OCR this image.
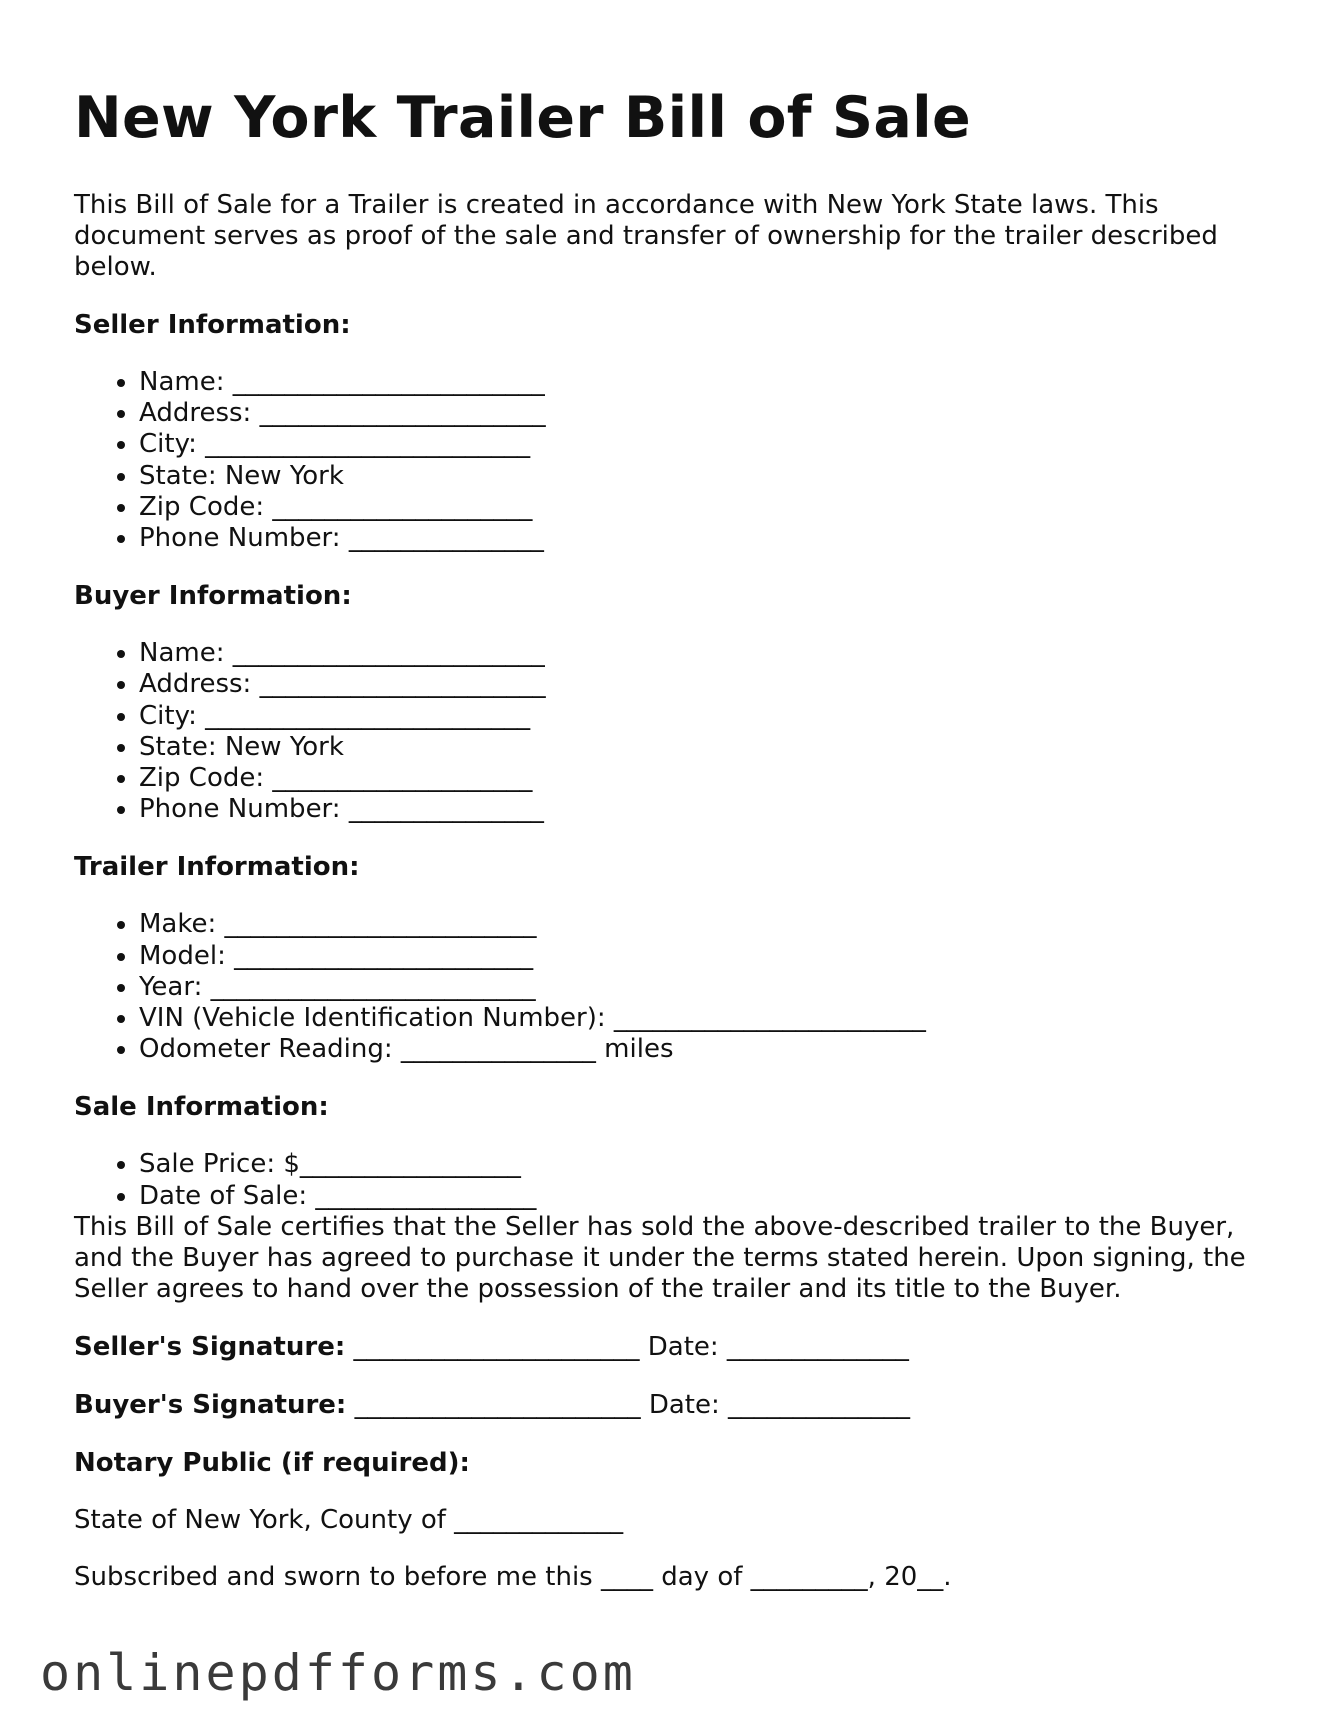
New York Trailer Bill of Sale

This Bill of Sale for a Trailer is created in accordance with New York State laws. This document serves as proof of the sale and transfer of ownership for the trailer described below.

Seller Information:
• Name: ________________________
• Address: ______________________
• City: _________________________
• State: New York
• Zip Code: ____________________
• Phone Number: _______________
Buyer Information:
• Name: ________________________
• Address: ______________________
• City: _________________________
• State: New York
• Zip Code: ____________________
• Phone Number: _______________
Trailer Information:
• Make: ________________________
• Model: _______________________
• Year: _________________________
• VIN (Vehicle Identification Number): ________________________
• Odometer Reading: _______________ miles
Sale Information:
• Sale Price: $_________________
• Date of Sale: _________________

This Bill of Sale certifies that the Seller has sold the above-described trailer to the Buyer, and the Buyer has agreed to purchase it under the terms stated herein. Upon signing, the Seller agrees to hand over the possession of the trailer and its title to the Buyer.

Seller's Signature: ______________________ Date: ______________
Buyer's Signature: ______________________ Date: ______________
Notary Public (if required):
State of New York, County of _____________
Subscribed and sworn to before me this ____ day of _________, 20__.
onlinepdfforms.com
